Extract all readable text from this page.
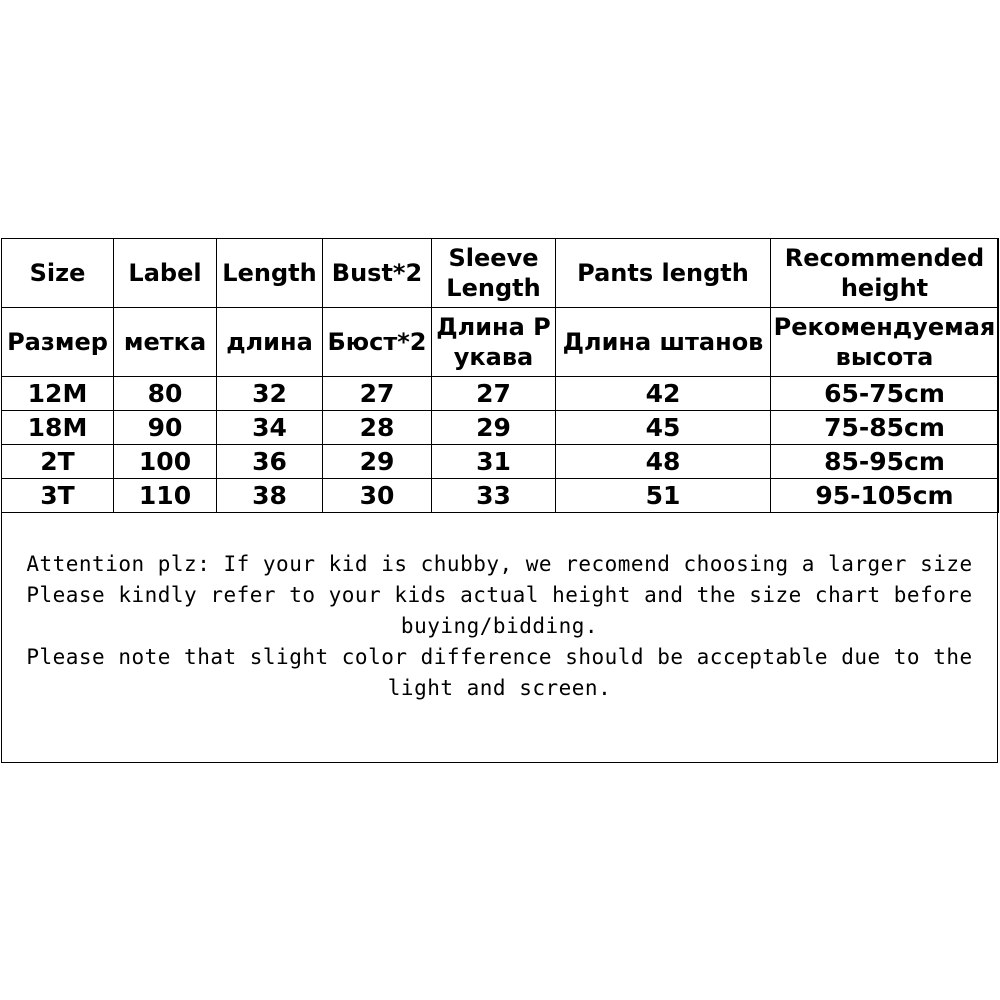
Size	Label	Length	Bust*2	Sleeve Length	Pants length	Recommended height
Размер	метка	длина	Бюст*2	Длина Р укава	Длина штанов	Рекомендуемая высота
12M	80	32	27	27	42	65-75cm
18M	90	34	28	29	45	75-85cm
2T	100	36	29	31	48	85-95cm
3T	110	38	30	33	51	95-105cm

Attention plz: If your kid is chubby, we recomend choosing a larger size

Please kindly refer to your kids actual height and the size chart before buying/bidding.

Please note that slight color difference should be acceptable due to the light and screen.
